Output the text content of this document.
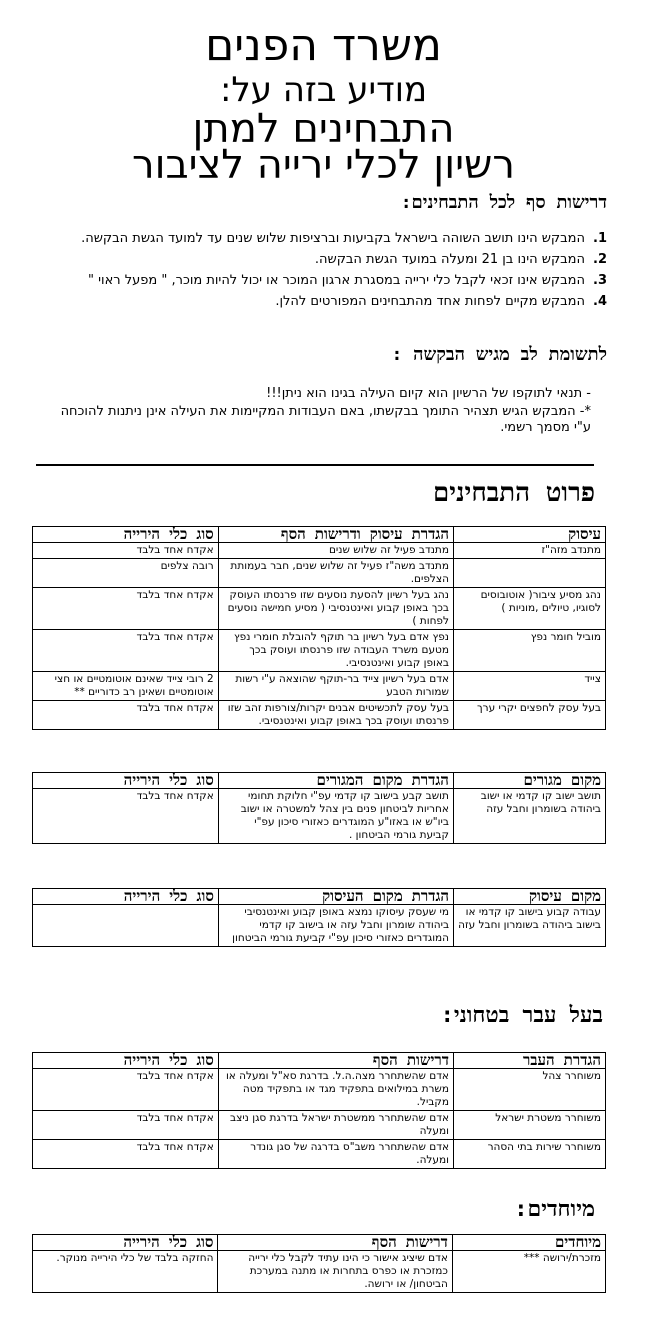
משרד הפנים
מודיע בזה על:
התבחינים למתן
רשיון לכלי ירייה לציבור
דרישות סף לכל התבחינים:
1.
המבקש הינו תושב השוהה בישראל בקביעות וברציפות שלוש שנים עד למועד הגשת הבקשה.
2.
המבקש הינו בן 21 ומעלה במועד הגשת הבקשה.
3.
המבקש אינו זכאי לקבל כלי ירייה במסגרת ארגון המוכר או יכול להיות מוכר, " מפעל ראוי "
4.
המבקש מקיים לפחות אחד מהתבחינים המפורטים להלן.
לתשומת לב מגיש הבקשה :
- תנאי לתוקפו של הרשיון הוא קיום העילה בגינו הוא ניתן!!!
*- המבקש הגיש תצהיר התומך בבקשתו, באם העבודות המקיימות את העילה אינן ניתנות להוכחה ע"י מסמך רשמי.
פרוט התבחינים
עיסוק	הגדרת עיסוק ודרישות הסף	סוג כלי הירייה
מתנדב מזה"ז	מתנדב פעיל זה שלוש שנים	אקדח אחד בלבד
	מתנדב משה"ז פעיל זה שלוש שנים, חבר בעמותת הצלפים.	רובה צלפים
נהג מסיע ציבור( אוטובוסים לסוגיו, טיולים ,מוניות )	נהג בעל רשיון להסעת נוסעים שזו פרנסתו העוסק בכך באופן קבוע ואינטנסיבי ( מסיע חמישה נוסעים לפחות )	אקדח אחד בלבד
מוביל חומר נפץ	נפץ אדם בעל רשיון בר תוקף להובלת חומרי נפץ מטעם משרד העבודה שזו פרנסתו ועוסק בכך באופן קבוע ואינטנסיבי.	אקדח אחד בלבד
צייד	אדם בעל רשיון צייד בר-תוקף שהוצאה ע"י רשות שמורות הטבע	2 רובי צייד שאינם אוטומטיים או חצי אוטומטיים ושאינן רב כדוריים **
בעל עסק לחפצים יקרי ערך	בעל עסק לתכשיטים אבנים יקרות/צורפות זהב שזו פרנסתו ועוסק בכך באופן קבוע ואינטנסיבי.	אקדח אחד בלבד
מקום מגורים	הגדרת מקום המגורים	סוג כלי הירייה
תושב ישוב קו קדמי או ישוב ביהודה בשומרון וחבל עזה	תושב קבע בישוב קו קדמי עפ"י חלוקת תחומי אחריות לביטחון פנים בין צהל למשטרה או ישוב ביו"ש או באזו"ע המוגדרים כאזורי סיכון עפ"י קביעת גורמי הביטחון .	אקדח אחד בלבד
מקום עיסוק	הגדרת מקום העיסוק	סוג כלי הירייה
עבודה קבוע בישוב קו קדמי או בישוב ביהודה בשומרון וחבל עזה	מי שעסק עיסוקו נמצא באופן קבוע ואינטנסיבי ביהודה שומרון וחבל עזה או בישוב קו קדמי המוגדרים כאזורי סיכון עפ"י קביעת גורמי הביטחון	
בעל עבר בטחוני:
הגדרת העבר	דרישות הסף	סוג כלי הירייה
משוחרר צהל	אדם שהשתחרר מצה.ה.ל. בדרגת סא"ל ומעלה או משרת במילואים בתפקיד מגד או בתפקיד מטה מקביל.	אקדח אחד בלבד
משוחרר משטרת ישראל	אדם שהשתחרר ממשטרת ישראל בדרגת סגן ניצב ומעלה	אקדח אחד בלבד
משוחרר שירות בתי הסהר	אדם שהשתחרר משב"ס בדרגה של סגן גונדר ומעלה.	אקדח אחד בלבד
מיוחדים:
מיוחדים	דרישות הסף	סוג כלי הירייה
מזכרת/ירושה ***	אדם שיציג אישור כי הינו עתיד לקבל כלי ירייה כמזכרת או כפרס בתחרות או מתנה במערכת הביטחון/ או ירושה.	החזקה בלבד של כלי הירייה מנוקר.
